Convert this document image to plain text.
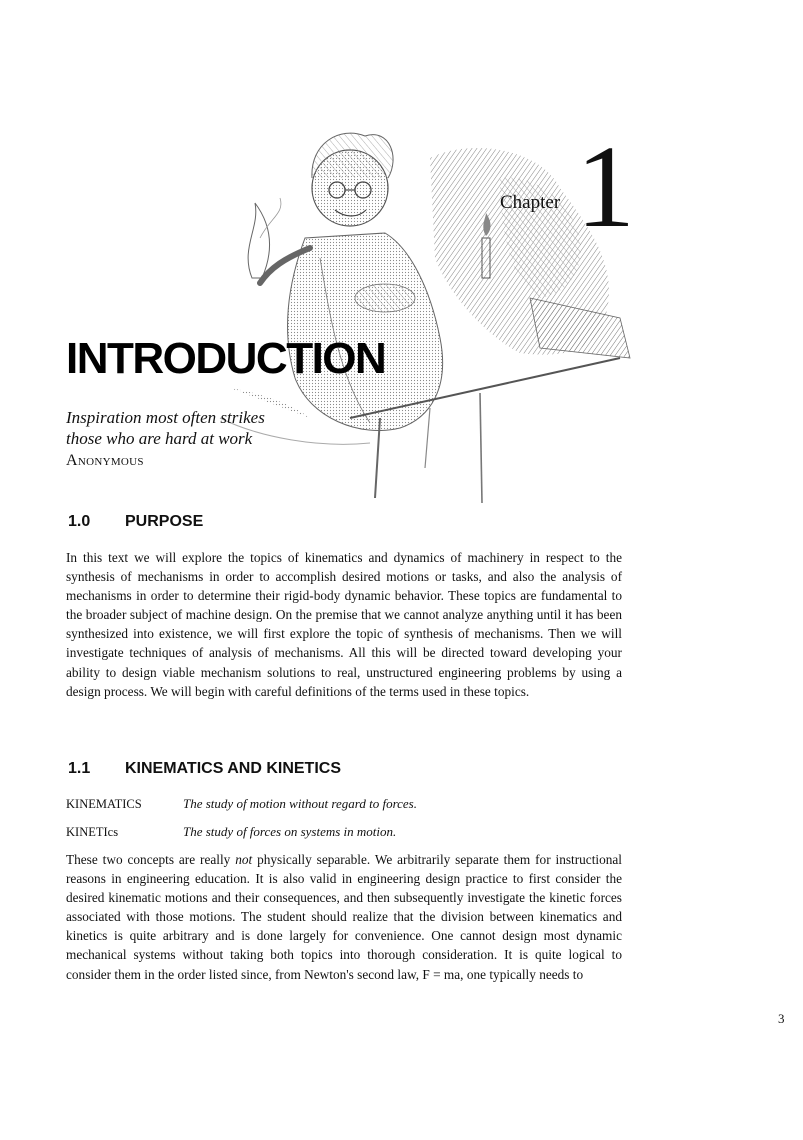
Chapter 1
INTRODUCTION
Inspiration most often strikes
those who are hard at work
Anonymous
1.0 PURPOSE

In this text we will explore the topics of kinematics and dynamics of machinery in respect to the synthesis of mechanisms in order to accomplish desired motions or tasks, and also the analysis of mechanisms in order to determine their rigid-body dynamic behavior. These topics are fundamental to the broader subject of machine design. On the premise that we cannot analyze anything until it has been synthesized into existence, we will first explore the topic of synthesis of mechanisms. Then we will investigate techniques of analysis of mechanisms. All this will be directed toward developing your ability to design viable mechanism solutions to real, unstructured engineering problems by using a design process. We will begin with careful definitions of the terms used in these topics.

1.1 KINEMATICS AND KINETICS
KINEMATICS	The study of motion without regard to forces.
KINETIcs	The study of forces on systems in motion.

These two concepts are really not physically separable. We arbitrarily separate them for instructional reasons in engineering education. It is also valid in engineering design practice to first consider the desired kinematic motions and their consequences, and then subsequently investigate the kinetic forces associated with those motions. The student should realize that the division between kinematics and kinetics is quite arbitrary and is done largely for convenience. One cannot design most dynamic mechanical systems without taking both topics into thorough consideration. It is quite logical to consider them in the order listed since, from Newton's second law, F = ma, one typically needs to

3
